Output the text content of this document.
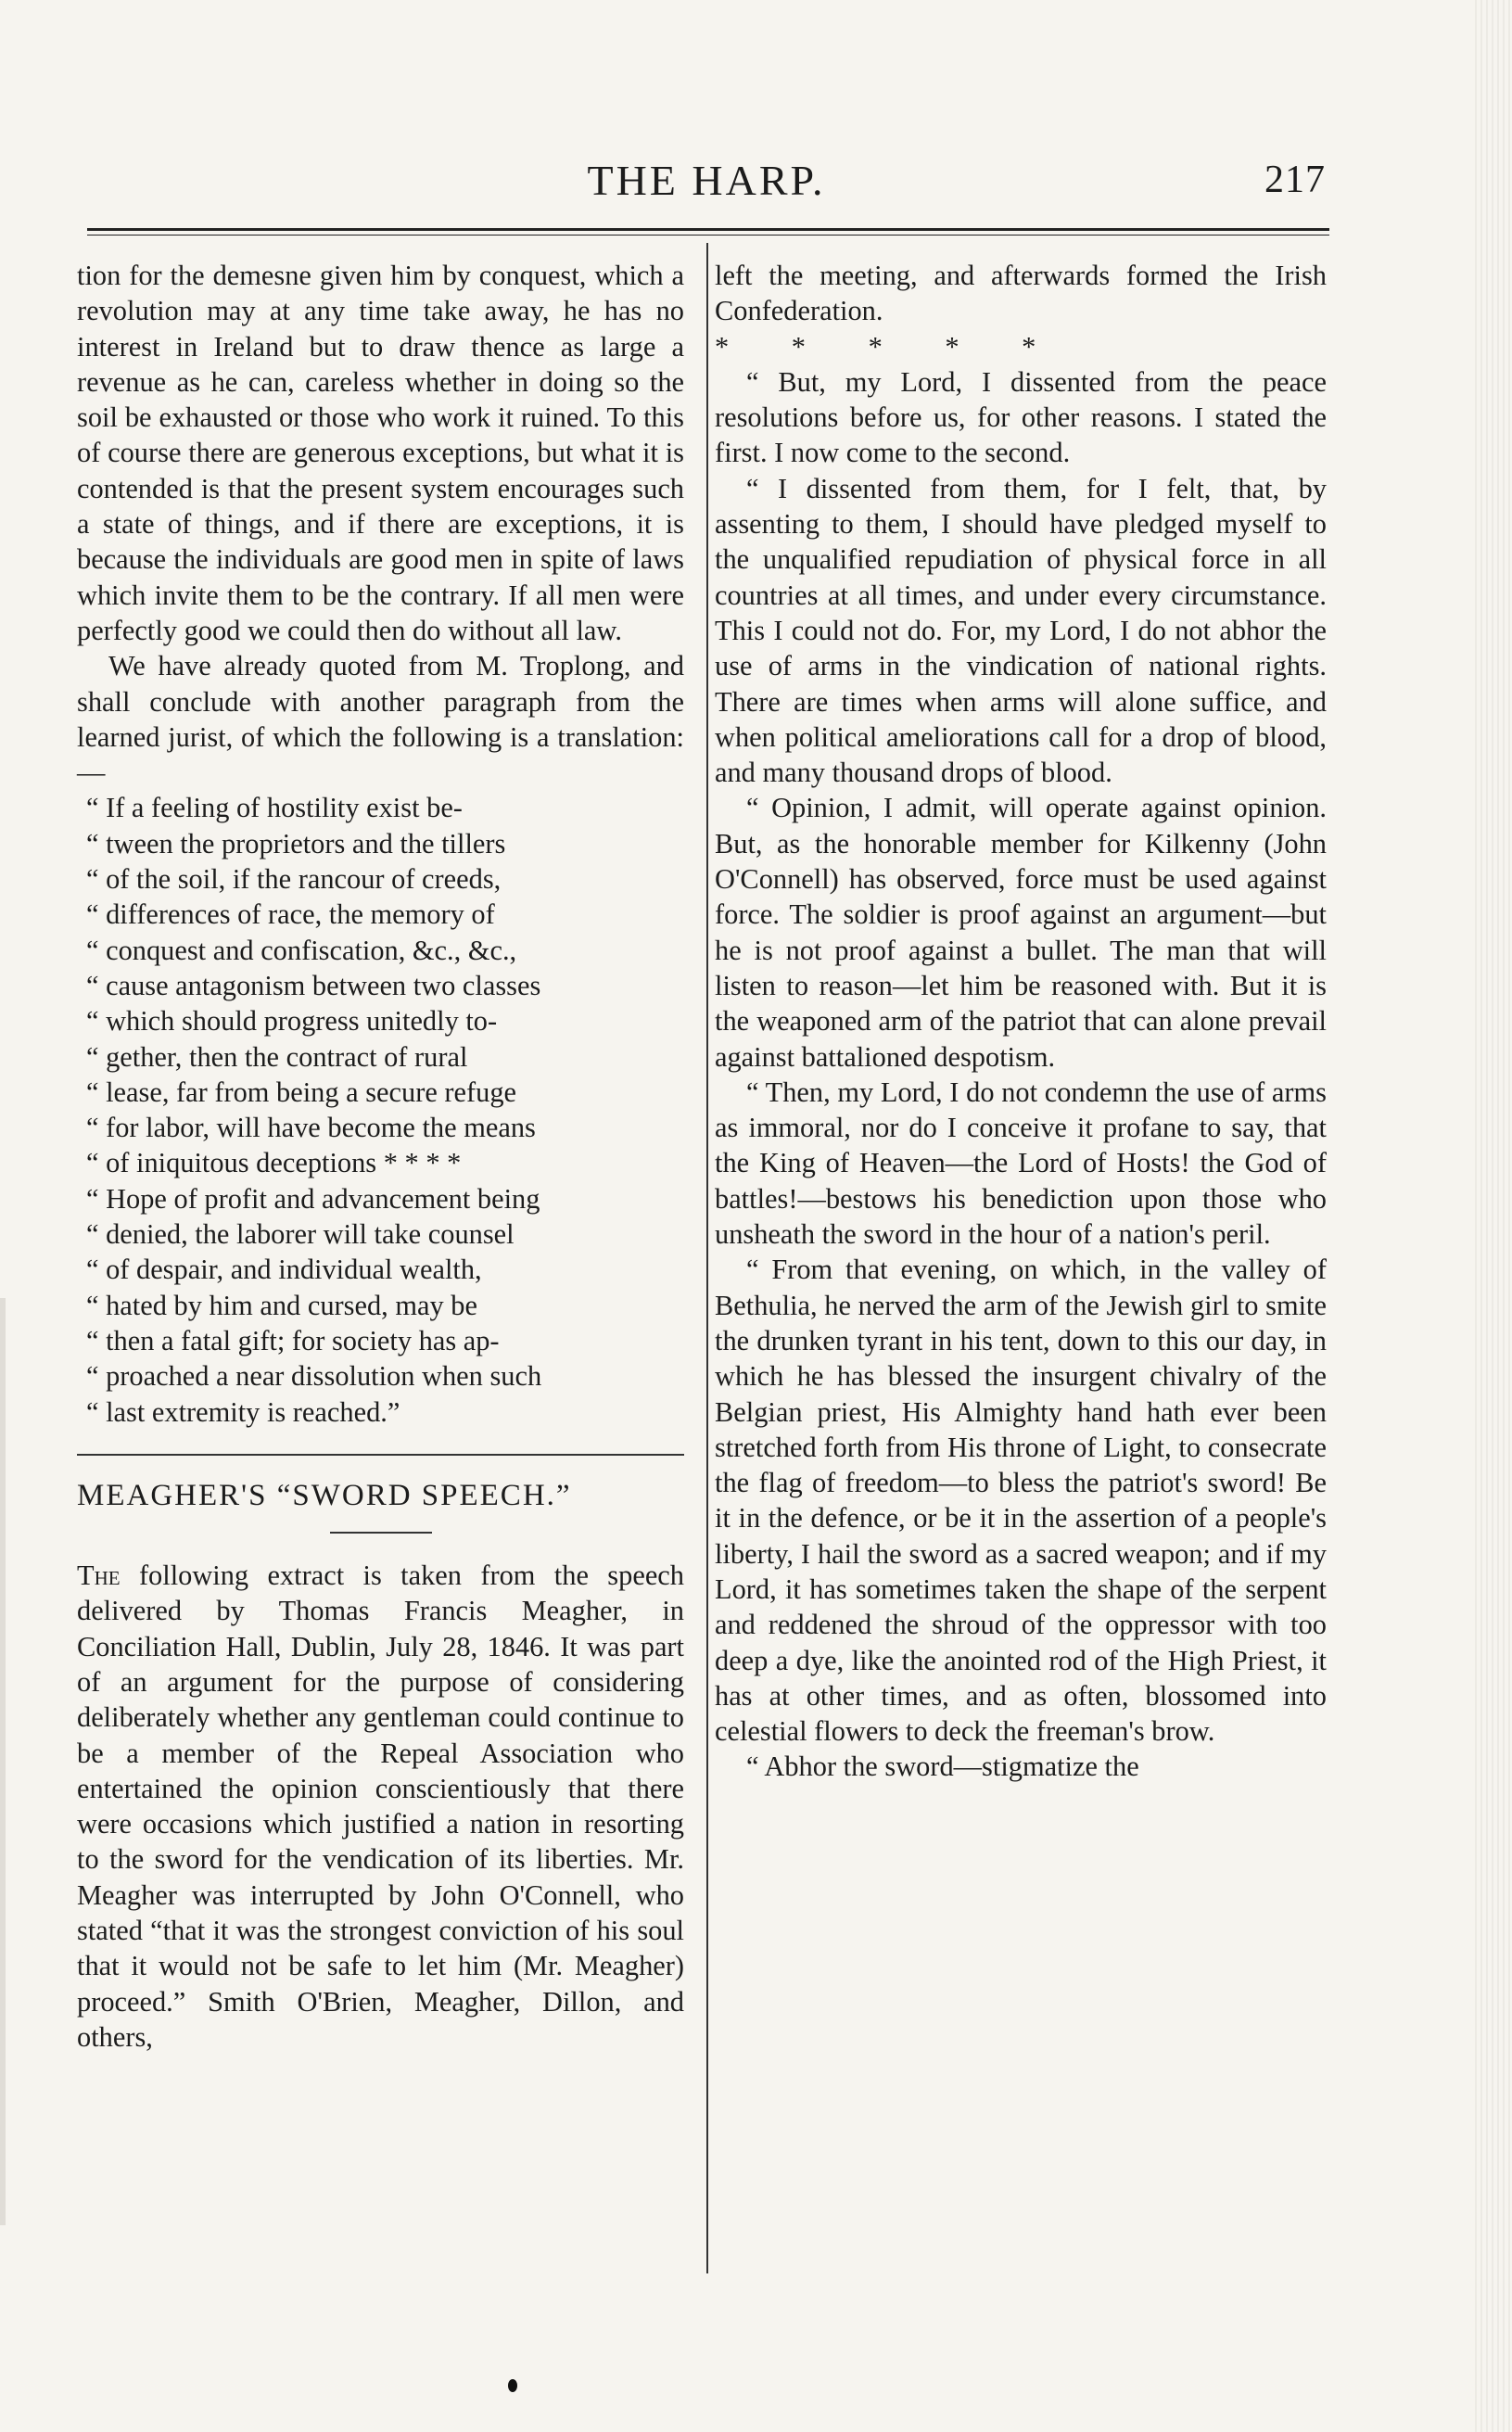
THE HARP.	217

tion for the demesne given him by conquest, which a revolution may at any time take away, he has no interest in Ireland but to draw thence as large a revenue as he can, careless whether in doing so the soil be exhausted or those who work it ruined. To this of course there are generous exceptions, but what it is contended is that the present system encourages such a state of things, and if there are exceptions, it is because the individuals are good men in spite of laws which invite them to be the contrary. If all men were perfectly good we could then do without all law.

We have already quoted from M. Troplong, and shall conclude with another paragraph from the learned jurist, of which the following is a translation:—

“ If a feeling of hostility exist be-

“ tween the proprietors and the tillers

“ of the soil, if the rancour of creeds,

“ differences of race, the memory of

“ conquest and confiscation, &c., &c.,

“ cause antagonism between two classes

“ which should progress unitedly to-

“ gether, then the contract of rural

“ lease, far from being a secure refuge

“ for labor, will have become the means

“ of iniquitous deceptions * * * *

“ Hope of profit and advancement being

“ denied, the laborer will take counsel

“ of despair, and individual wealth,

“ hated by him and cursed, may be

“ then a fatal gift; for society has ap-

“ proached a near dissolution when such

“ last extremity is reached.”

MEAGHER'S “SWORD SPEECH.”

The following extract is taken from the speech delivered by Thomas Francis Meagher, in Conciliation Hall, Dublin, July 28, 1846. It was part of an argument for the purpose of considering deliberately whether any gentleman could continue to be a member of the Repeal Association who entertained the opinion conscientiously that there were occasions which justified a nation in resorting to the sword for the vendication of its liberties. Mr. Meagher was interrupted by John O'Connell, who stated “that it was the strongest conviction of his soul that it would not be safe to let him (Mr. Meagher) proceed.” Smith O'Brien, Meagher, Dillon, and others,

left the meeting, and afterwards formed the Irish Confederation.

* * * * *

“ But, my Lord, I dissented from the peace resolutions before us, for other reasons. I stated the first. I now come to the second.

“ I dissented from them, for I felt, that, by assenting to them, I should have pledged myself to the unqualified repudiation of physical force in all countries at all times, and under every circumstance. This I could not do. For, my Lord, I do not abhor the use of arms in the vindication of national rights. There are times when arms will alone suffice, and when political ameliorations call for a drop of blood, and many thousand drops of blood.

“ Opinion, I admit, will operate against opinion. But, as the honorable member for Kilkenny (John O'Connell) has observed, force must be used against force. The soldier is proof against an argument—but he is not proof against a bullet. The man that will listen to reason—let him be reasoned with. But it is the weaponed arm of the patriot that can alone prevail against battalioned despotism.

“ Then, my Lord, I do not condemn the use of arms as immoral, nor do I conceive it profane to say, that the King of Heaven—the Lord of Hosts! the God of battles!—bestows his benediction upon those who unsheath the sword in the hour of a nation's peril.

“ From that evening, on which, in the valley of Bethulia, he nerved the arm of the Jewish girl to smite the drunken tyrant in his tent, down to this our day, in which he has blessed the insurgent chivalry of the Belgian priest, His Almighty hand hath ever been stretched forth from His throne of Light, to consecrate the flag of freedom—to bless the patriot's sword! Be it in the defence, or be it in the assertion of a people's liberty, I hail the sword as a sacred weapon; and if my Lord, it has sometimes taken the shape of the serpent and reddened the shroud of the oppressor with too deep a dye, like the anointed rod of the High Priest, it has at other times, and as often, blossomed into celestial flowers to deck the freeman's brow.

“ Abhor the sword—stigmatize the
